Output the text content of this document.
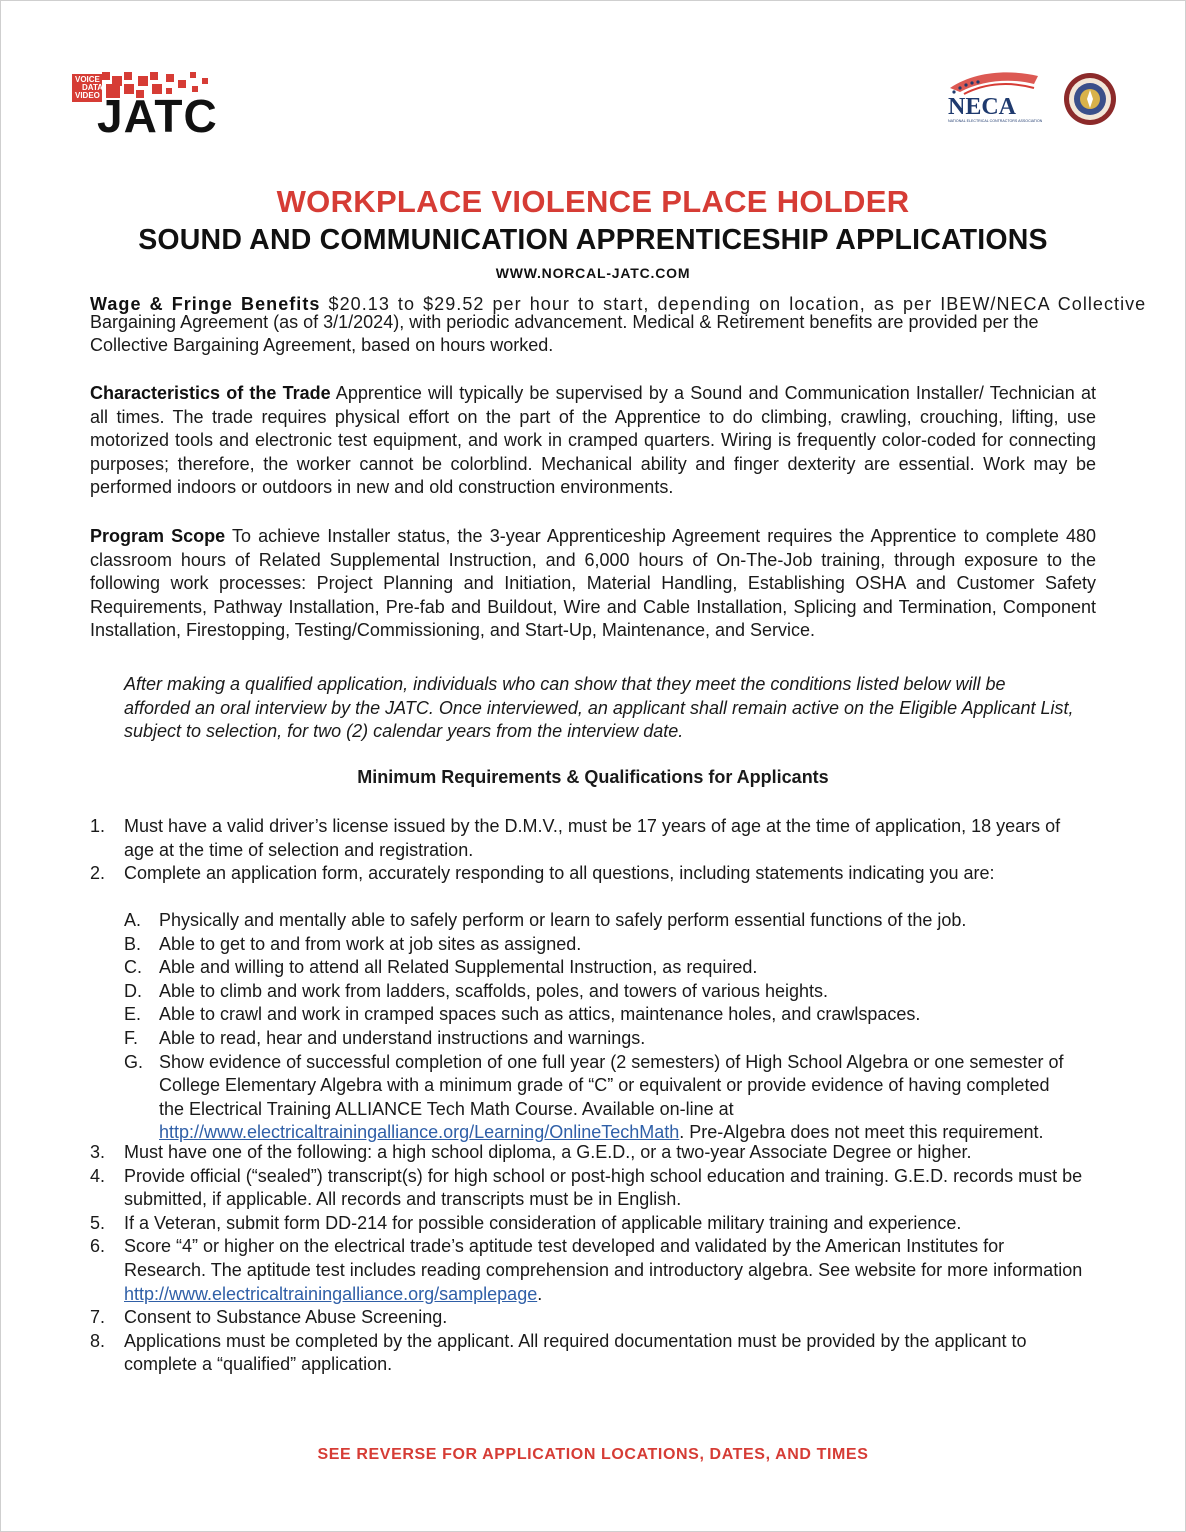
VOICE
DATA
VIDEO
JATC	NECA
NATIONAL ELECTRICAL CONTRACTORS ASSOCIATION
WORKPLACE VIOLENCE PLACE HOLDER
SOUND AND COMMUNICATION APPRENTICESHIP APPLICATIONS
WWW.NORCAL-JATC.COM
Wage & Fringe Benefits $20.13 to $29.52 per hour to start, depending on location, as per IBEW/NECA Collective
Bargaining Agreement (as of 3/1/2024), with periodic advancement. Medical & Retirement benefits are provided per the Collective Bargaining Agreement, based on hours worked.
Characteristics of the Trade Apprentice will typically be supervised by a Sound and Communication Installer/ Technician at all times. The trade requires physical effort on the part of the Apprentice to do climbing, crawling, crouching, lifting, use motorized tools and electronic test equipment, and work in cramped quarters. Wiring is frequently color-coded for connecting purposes; therefore, the worker cannot be colorblind. Mechanical ability and finger dexterity are essential. Work may be performed indoors or outdoors in new and old construction environments.
Program Scope To achieve Installer status, the 3-year Apprenticeship Agreement requires the Apprentice to complete 480 classroom hours of Related Supplemental Instruction, and 6,000 hours of On-The-Job training, through exposure to the following work processes: Project Planning and Initiation, Material Handling, Establishing OSHA and Customer Safety Requirements, Pathway Installation, Pre-fab and Buildout, Wire and Cable Installation, Splicing and Termination, Component Installation, Firestopping, Testing/Commissioning, and Start-Up, Maintenance, and Service.
After making a qualified application, individuals who can show that they meet the conditions listed below will be afforded an oral interview by the JATC. Once interviewed, an applicant shall remain active on the Eligible Applicant List, subject to selection, for two (2) calendar years from the interview date.
Minimum Requirements & Qualifications for Applicants
1. Must have a valid driver’s license issued by the D.M.V., must be 17 years of age at the time of application, 18 years of age at the time of selection and registration.
2. Complete an application form, accurately responding to all questions, including statements indicating you are:
A. Physically and mentally able to safely perform or learn to safely perform essential functions of the job.
B. Able to get to and from work at job sites as assigned.
C. Able and willing to attend all Related Supplemental Instruction, as required.
D. Able to climb and work from ladders, scaffolds, poles, and towers of various heights.
E. Able to crawl and work in cramped spaces such as attics, maintenance holes, and crawlspaces.
F. Able to read, hear and understand instructions and warnings.
G. Show evidence of successful completion of one full year (2 semesters) of High School Algebra or one semester of College Elementary Algebra with a minimum grade of “C” or equivalent or provide evidence of having completed the Electrical Training ALLIANCE Tech Math Course. Available on-line at http://www.electricaltrainingalliance.org/Learning/OnlineTechMath. Pre-Algebra does not meet this requirement.
3. Must have one of the following: a high school diploma, a G.E.D., or a two-year Associate Degree or higher.
4. Provide official (“sealed”) transcript(s) for high school or post-high school education and training. G.E.D. records must be submitted, if applicable. All records and transcripts must be in English.
5. If a Veteran, submit form DD-214 for possible consideration of applicable military training and experience.
6. Score “4” or higher on the electrical trade’s aptitude test developed and validated by the American Institutes for Research. The aptitude test includes reading comprehension and introductory algebra. See website for more information http://www.electricaltrainingalliance.org/samplepage.
7. Consent to Substance Abuse Screening.
8. Applications must be completed by the applicant. All required documentation must be provided by the applicant to complete a “qualified” application.
SEE REVERSE FOR APPLICATION LOCATIONS, DATES, AND TIMES
